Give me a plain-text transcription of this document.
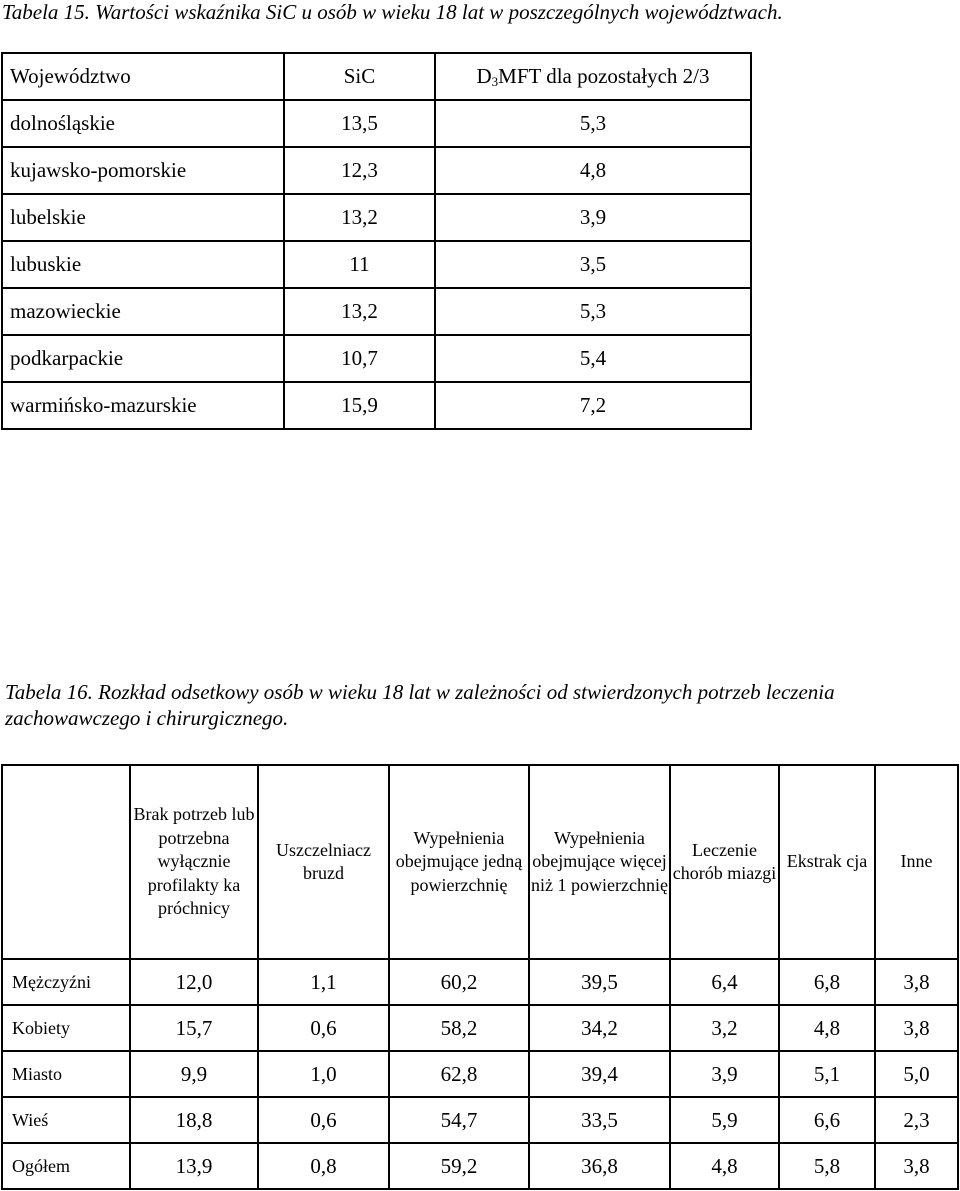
Tabela 15. Wartości wskaźnika SiC u osób w wieku 18 lat w poszczególnych województwach.

Województwo	SiC	$D_3MFT$ dla pozostałych 2/3
dolnośląskie	13,5	5,3
kujawsko-pomorskie	12,3	4,8
lubelskie	13,2	3,9
lubuskie	11	3,5
mazowieckie	13,2	5,3
podkarpackie	10,7	5,4
warmińsko-mazurskie	15,9	7,2

Tabela 16. Rozkład odsetkowy osób w wieku 18 lat w zależności od stwierdzonych potrzeb leczenia zachowawczego i chirurgicznego.

	Brak potrzeb lub potrzebna wyłącznie profilakty ka próchnicy	Uszczelniacz bruzd	Wypełnienia obejmujące jedną powierzchnię	Wypełnienia obejmujące więcej niż 1 powierzchnię	Leczenie chorób miazgi	Ekstrak cja	Inne
Mężczyźni	12,0	1,1	60,2	39,5	6,4	6,8	3,8
Kobiety	15,7	0,6	58,2	34,2	3,2	4,8	3,8
Miasto	9,9	1,0	62,8	39,4	3,9	5,1	5,0
Wieś	18,8	0,6	54,7	33,5	5,9	6,6	2,3
Ogółem	13,9	0,8	59,2	36,8	4,8	5,8	3,8
